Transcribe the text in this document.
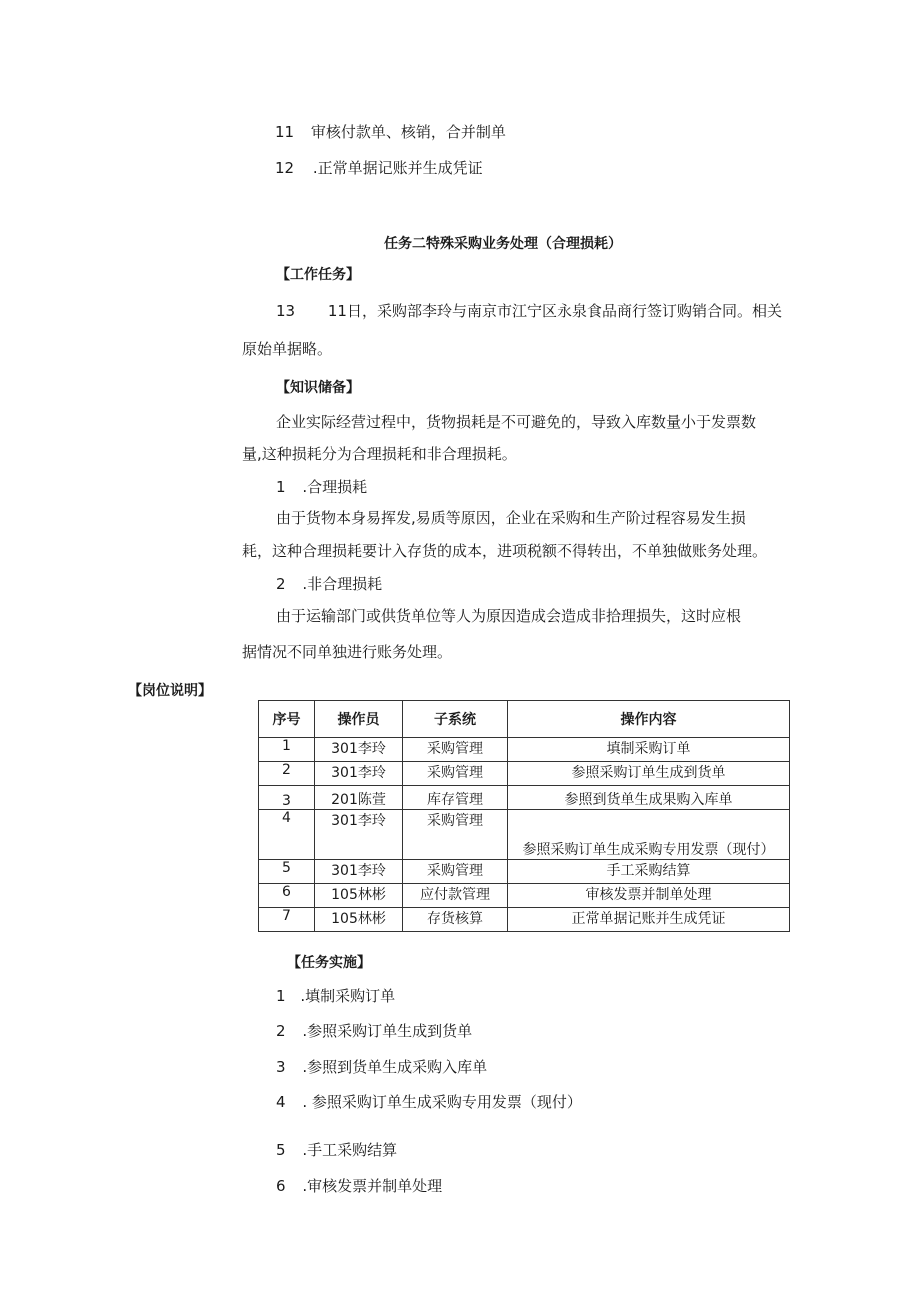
11 审核付款单、核销，合并制单
12 .正常单据记账并生成凭证
任务二特殊采购业务处理（合理损耗）
【工作任务】
13 11日，采购部李玲与南京市江宁区永泉食品商行签订购销合同。相关
原始单据略。
【知识储备】
企业实际经营过程中，货物损耗是不可避免的，导致入库数量小于发票数
量,这种损耗分为合理损耗和非合理损耗。
1 .合理损耗
由于货物本身易挥发,易质等原因，企业在采购和生产阶过程容易发生损
耗，这种合理损耗要计入存货的成本，进项税额不得转出，不单独做账务处理。
2 .非合理损耗
由于运输部门或供货单位等人为原因造成会造成非拾理损失，这时应根
据情况不同单独进行账务处理。
【岗位说明】
序号	操作员	子系统	操作内容
1	301李玲	采购管理	填制采购订单
2	301李玲	采购管理	参照采购订单生成到货单
3	201陈萱	库存管理	参照到货单生成果购入库单
4	301李玲	采购管理	参照采购订单生成采购专用发票（现付）
5	301李玲	采购管理	手工采购结算
6	105林彬	应付款管理	审核发票并制单处理
7	105林彬	存货核算	正常单据记账并生成凭证
【任务实施】
1 .填制采购订单
2 .参照采购订单生成到货单
3 .参照到货单生成采购入库单
4 . 参照采购订单生成采购专用发票（现付）
5 .手工采购结算
6 .审核发票并制单处理
